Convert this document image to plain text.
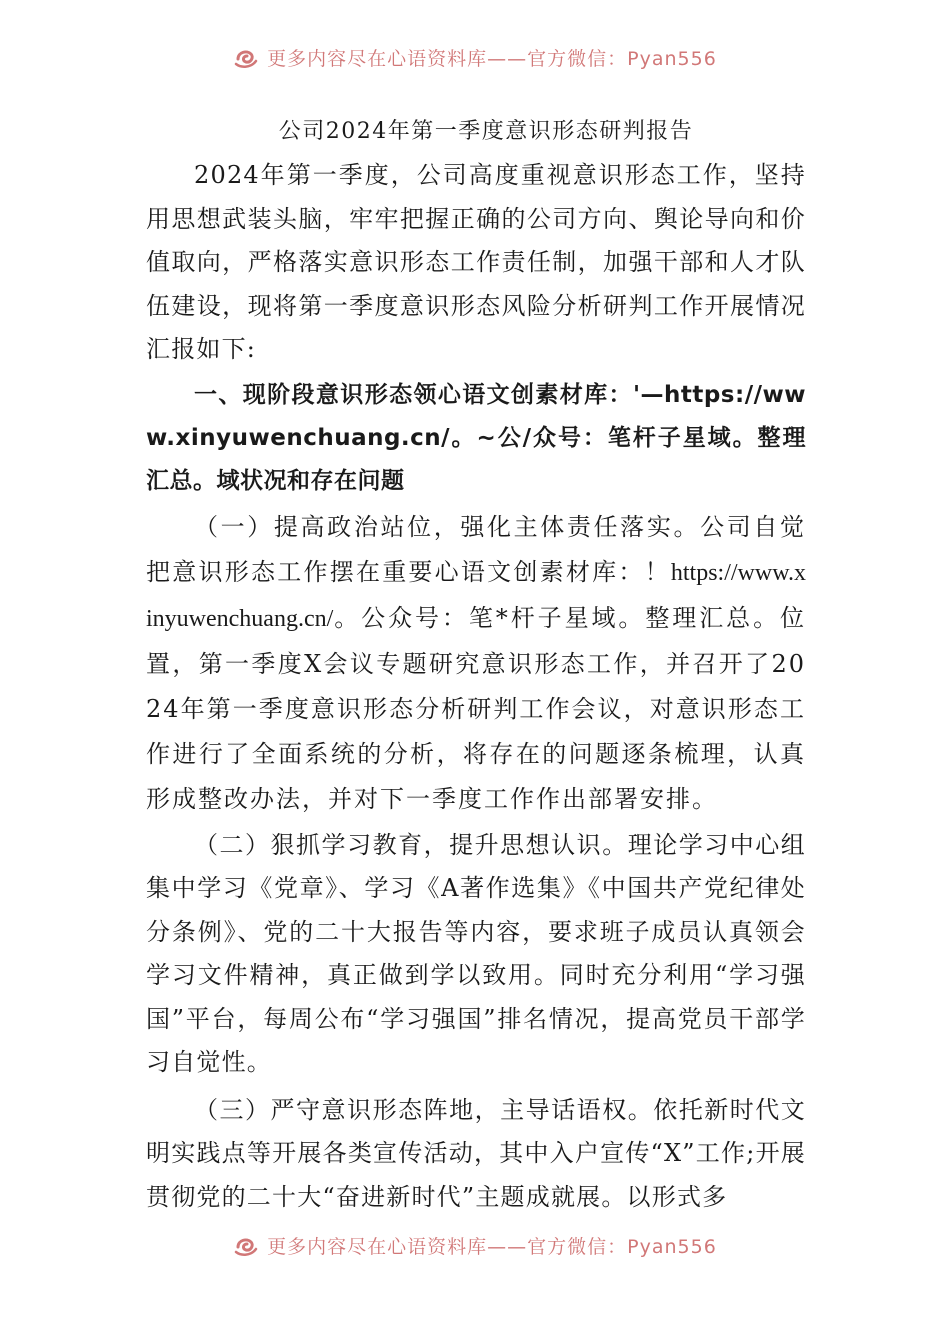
更多内容尽在心语资料库——官方微信：Pyan556

公司2024年第一季度意识形态研判报告

2024年第一季度，公司高度重视意识形态工作，坚持用思想武装头脑，牢牢把握正确的公司方向、舆论导向和价值取向，严格落实意识形态工作责任制，加强干部和人才队伍建设，现将第一季度意识形态风险分析研判工作开展情况汇报如下:

一、现阶段意识形态领心语文创素材库：'—https://www.xinyuwenchuang.cn/。~公/众号：笔杆子星域。整理汇总。域状况和存在问题

（一）提高政治站位，强化主体责任落实。公司自觉把意识形态工作摆在重要心语文创素材库：！https://www.xinyuwenchuang.cn/。公众号：笔*杆子星域。整理汇总。位置，第一季度X会议专题研究意识形态工作，并召开了2024年第一季度意识形态分析研判工作会议，对意识形态工作进行了全面系统的分析，将存在的问题逐条梳理，认真形成整改办法，并对下一季度工作作出部署安排。

（二）狠抓学习教育，提升思想认识。理论学习中心组集中学习《党章》、学习《A著作选集》《中国共产党纪律处分条例》、党的二十大报告等内容，要求班子成员认真领会学习文件精神，真正做到学以致用。同时充分利用“学习强国”平台，每周公布“学习强国”排名情况，提高党员干部学习自觉性。

（三）严守意识形态阵地，主导话语权。依托新时代文明实践点等开展各类宣传活动，其中入户宣传“X”工作;开展贯彻党的二十大“奋进新时代”主题成就展。以形式多

更多内容尽在心语资料库——官方微信：Pyan556
